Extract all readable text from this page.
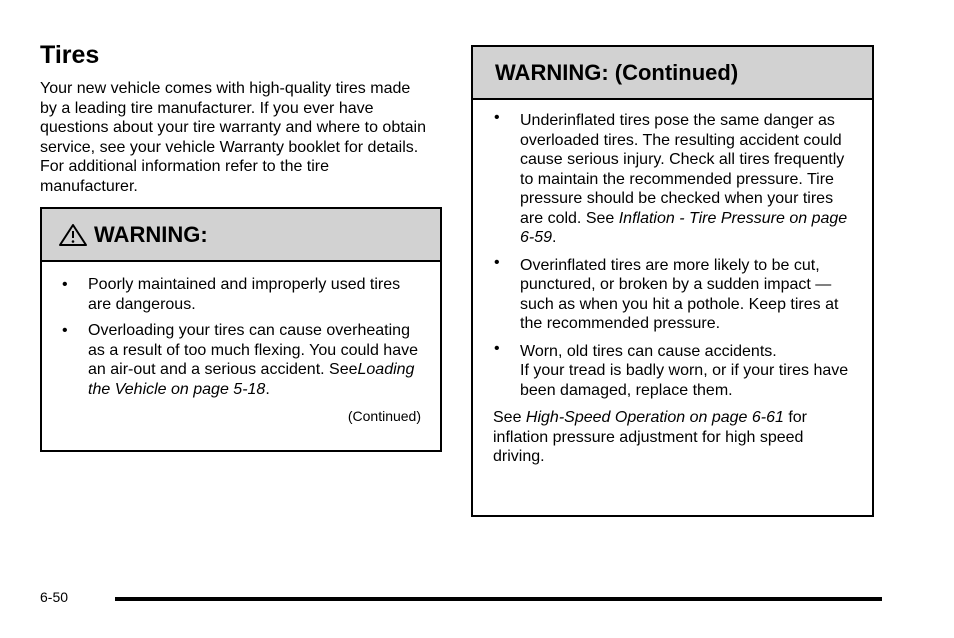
Tires

Your new vehicle comes with high-quality tires made by a leading tire manufacturer. If you ever have questions about your tire warranty and where to obtain service, see your vehicle Warranty booklet for details. For additional information refer to the tire manufacturer.

WARNING:
• Poorly maintained and improperly used tires are dangerous.
• Overloading your tires can cause overheating as a result of too much flexing. You could have an air-out and a serious accident. SeeLoading the Vehicle on page 5-18.
(Continued)
WARNING: (Continued)
• Underinflated tires pose the same danger as overloaded tires. The resulting accident could cause serious injury. Check all tires frequently to maintain the recommended pressure. Tire pressure should be checked when your tires are cold. See Inflation - Tire Pressure on page 6-59.
• Overinflated tires are more likely to be cut, punctured, or broken by a sudden impact — such as when you hit a pothole. Keep tires at the recommended pressure.
• Worn, old tires can cause accidents.
If your tread is badly worn, or if your tires have been damaged, replace them.

See High-Speed Operation on page 6-61 for inflation pressure adjustment for high speed driving.

6-50
